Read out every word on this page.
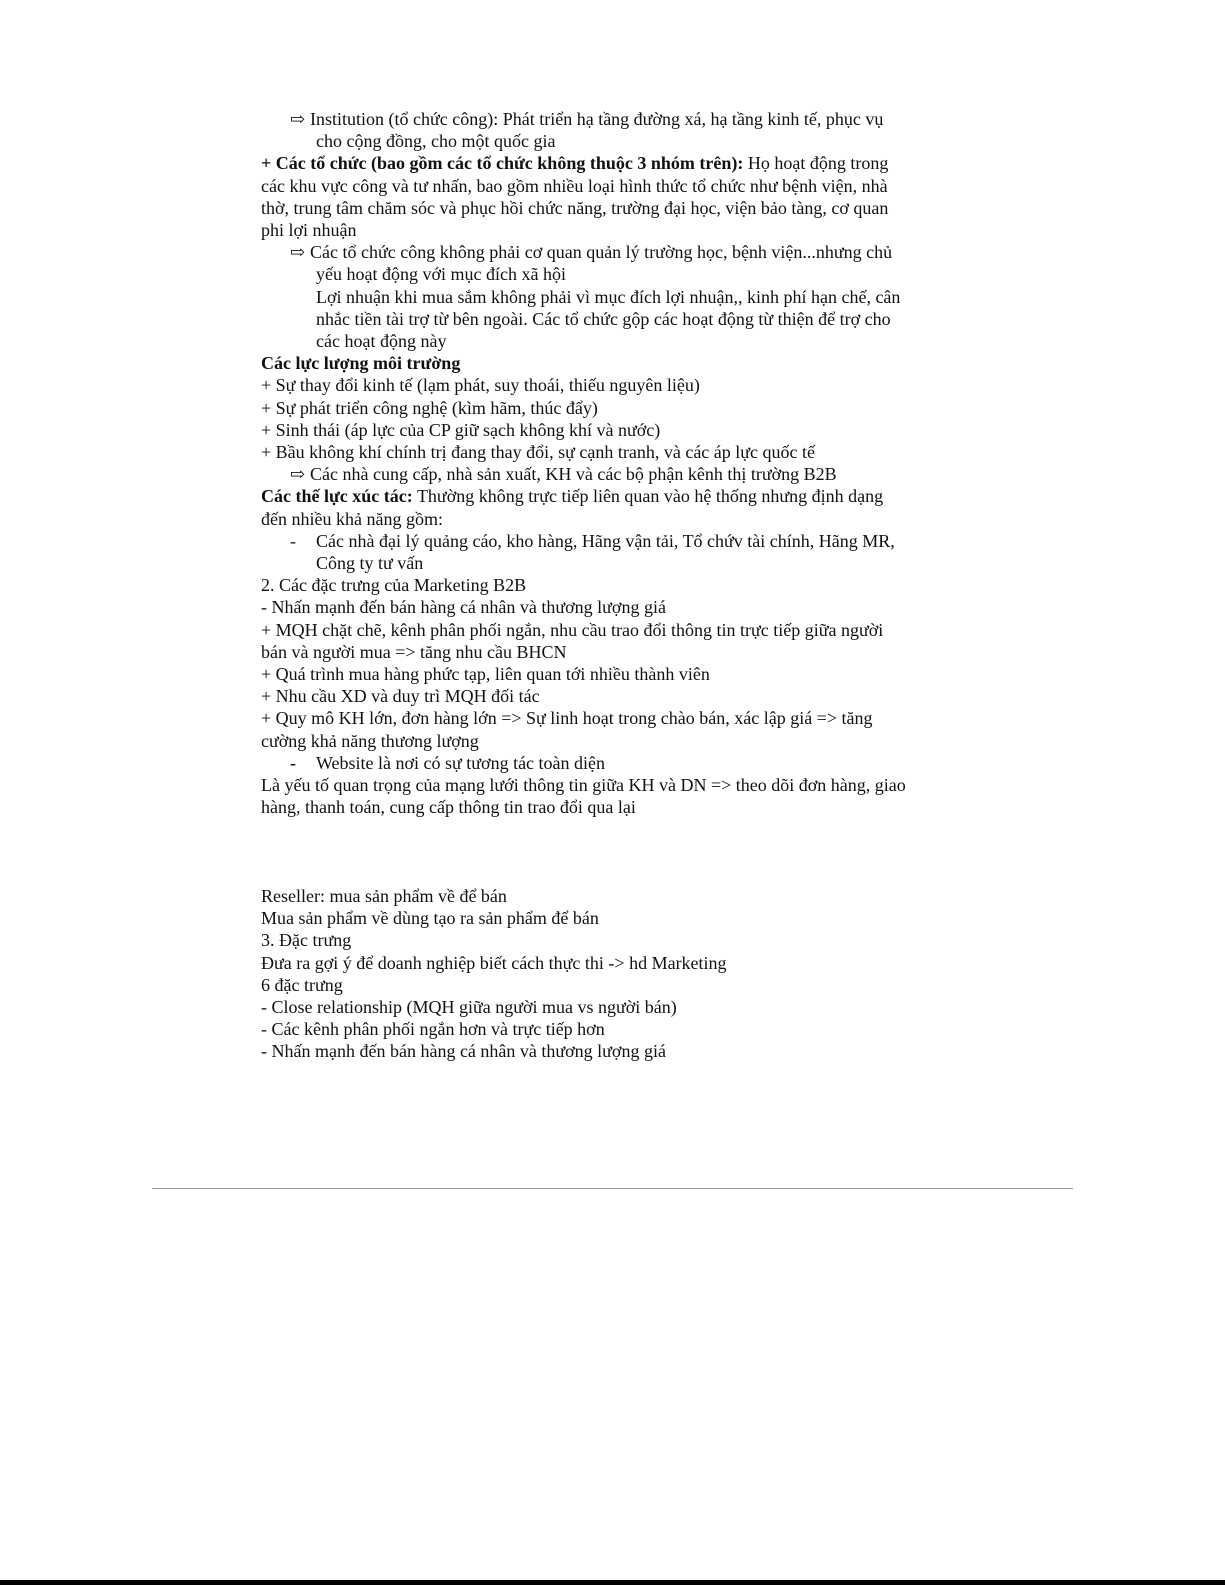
⇨ Institution (tổ chức công): Phát triển hạ tầng đường xá, hạ tầng kinh tế, phục vụ
cho cộng đồng, cho một quốc gia
+ Các tổ chức (bao gồm các tổ chức không thuộc 3 nhóm trên): Họ hoạt động trong
các khu vực công và tư nhấn, bao gồm nhiều loại hình thức tổ chức như bệnh viện, nhà
thờ, trung tâm chăm sóc và phục hồi chức năng, trường đại học, viện bảo tàng, cơ quan
phi lợi nhuận
⇨ Các tổ chức công không phải cơ quan quản lý trường học, bệnh viện...nhưng chủ
yếu hoạt động với mục đích xã hội
Lợi nhuận khi mua sắm không phải vì mục đích lợi nhuận,, kinh phí hạn chế, cân
nhắc tiền tài trợ từ bên ngoài. Các tổ chức gộp các hoạt động từ thiện để trợ cho
các hoạt động này
Các lực lượng môi trường
+ Sự thay đổi kinh tế (lạm phát, suy thoái, thiếu nguyên liệu)
+ Sự phát triển công nghệ (kìm hãm, thúc đẩy)
+ Sinh thái (áp lực của CP giữ sạch không khí và nước)
+ Bầu không khí chính trị đang thay đổi, sự cạnh tranh, và các áp lực quốc tế
⇨ Các nhà cung cấp, nhà sản xuất, KH và các bộ phận kênh thị trường B2B
Các thế lực xúc tác: Thường không trực tiếp liên quan vào hệ thống nhưng định dạng
đến nhiều khả năng gồm:
- Các nhà đại lý quảng cáo, kho hàng, Hãng vận tải, Tổ chứv tài chính, Hãng MR,
Công ty tư vấn
2. Các đặc trưng của Marketing B2B
- Nhấn mạnh đến bán hàng cá nhân và thương lượng giá
+ MQH chặt chẽ, kênh phân phối ngắn, nhu cầu trao đổi thông tin trực tiếp giữa người
bán và người mua => tăng nhu cầu BHCN
+ Quá trình mua hàng phức tạp, liên quan tới nhiều thành viên
+ Nhu cầu XD và duy trì MQH đối tác
+ Quy mô KH lớn, đơn hàng lớn => Sự linh hoạt trong chào bán, xác lập giá => tăng
cường khả năng thương lượng
- Website là nơi có sự tương tác toàn diện
Là yếu tố quan trọng của mạng lưới thông tin giữa KH và DN => theo dõi đơn hàng, giao
hàng, thanh toán, cung cấp thông tin trao đổi qua lại
Reseller: mua sản phẩm về để bán
Mua sản phẩm về dùng tạo ra sản phẩm để bán
3. Đặc trưng
Đưa ra gợi ý để doanh nghiệp biết cách thực thi -> hd Marketing
6 đặc trưng
- Close relationship (MQH giữa người mua vs người bán)
- Các kênh phân phối ngắn hơn và trực tiếp hơn
- Nhấn mạnh đến bán hàng cá nhân và thương lượng giá
